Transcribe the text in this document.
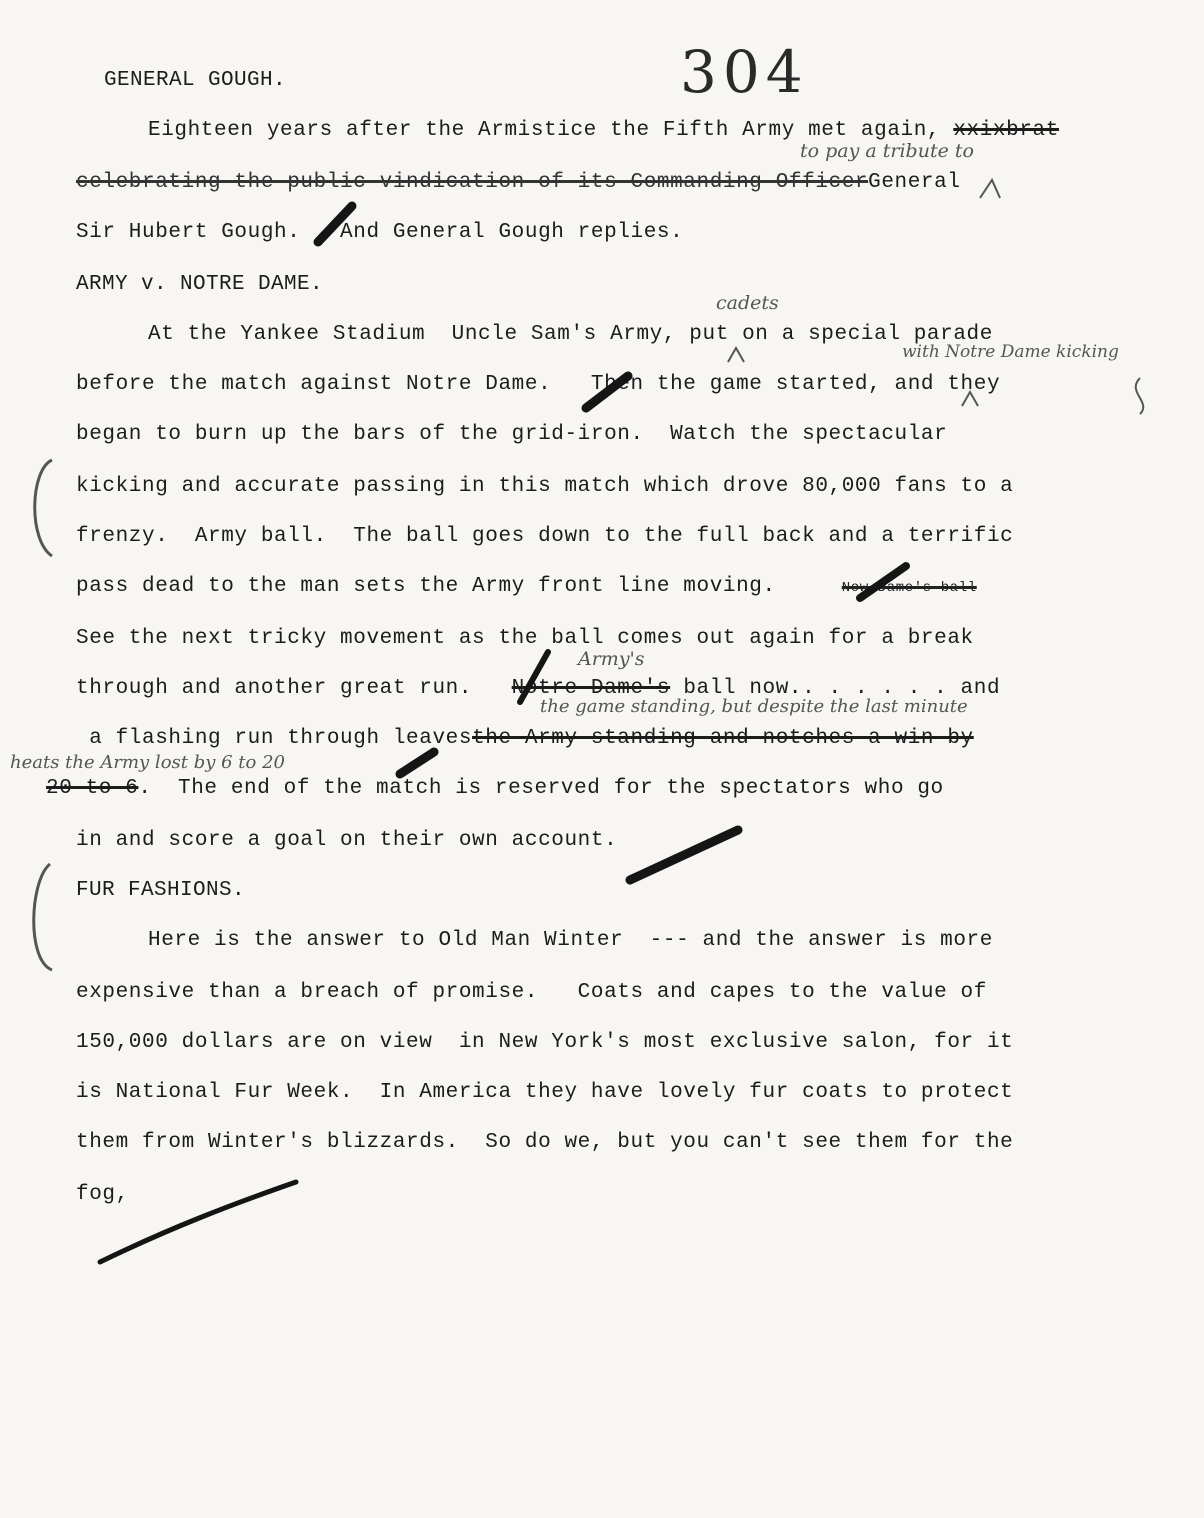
304
GENERAL GOUGH.
Eighteen years after the Armistice the Fifth Army met again, xxixbrat
to pay a tribute to
celebrating the public vindication of its Commanding OfficerGeneral
Sir Hubert Gough.   And General Gough replies.
ARMY v. NOTRE DAME.
cadets
At the Yankee Stadium  Uncle Sam's Army, put on a special parade
with Notre Dame kicking
before the match against Notre Dame.   Then the game started, and they
began to burn up the bars of the grid-iron.  Watch the spectacular
kicking and accurate passing in this match which drove 80,000 fans to a
frenzy.  Army ball.  The ball goes down to the full back and a terrific
pass dead to the man sets the Army front line moving.	Now Dame's ball
See the next tricky movement as the ball comes out again for a break
Army's
through and another great run. Notre Dame's ball now.. . . . . . and
the game standing, but despite the last minute
a flashing run through leavesthe Army standing and notches a win by
heats the Army lost by 6 to 20
20 to 6.  The end of the match is reserved for the spectators who go
in and score a goal on their own account.
FUR FASHIONS.
Here is the answer to Old Man Winter  --- and the answer is more
expensive than a breach of promise.   Coats and capes to the value of
150,000 dollars are on view  in New York's most exclusive salon, for it
is National Fur Week.  In America they have lovely fur coats to protect
them from Winter's blizzards.  So do we, but you can't see them for the
fog,
